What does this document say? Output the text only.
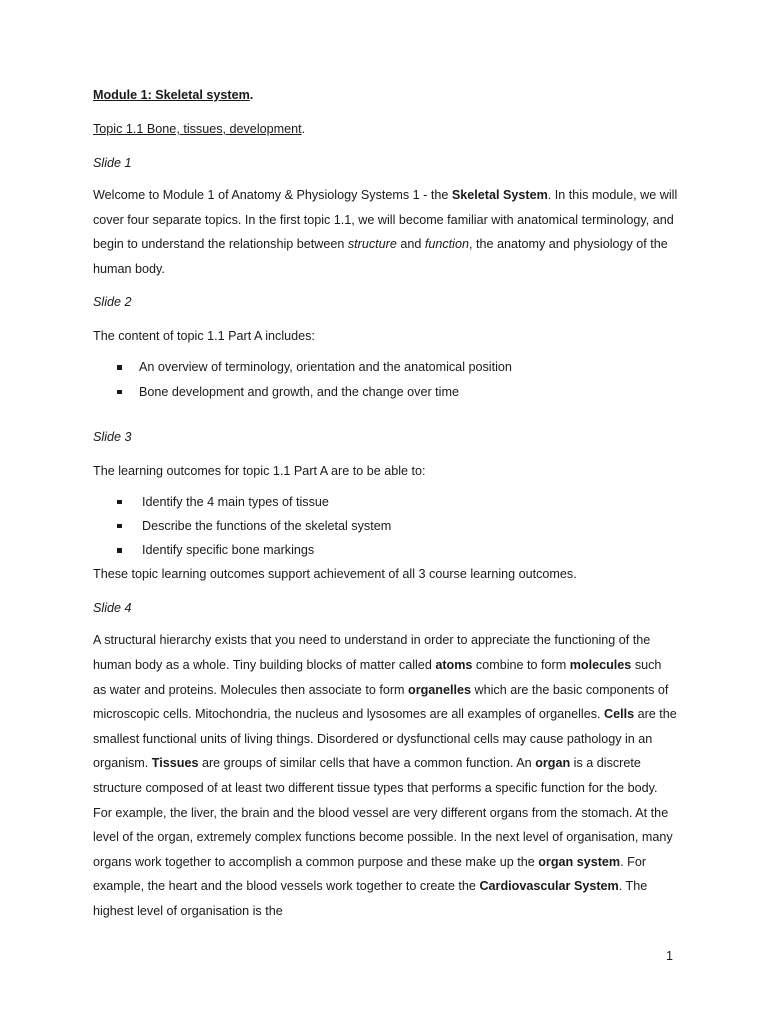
Module 1: Skeletal system.

Topic 1.1 Bone, tissues, development.

Slide 1

Welcome to Module 1 of Anatomy & Physiology Systems 1 - the Skeletal System. In this module, we will cover four separate topics. In the first topic 1.1, we will become familiar with anatomical terminology, and begin to understand the relationship between structure and function, the anatomy and physiology of the human body.

Slide 2

The content of topic 1.1 Part A includes:

An overview of terminology, orientation and the anatomical position
Bone development and growth, and the change over time

Slide 3

The learning outcomes for topic 1.1 Part A are to be able to:

Identify the 4 main types of tissue
Describe the functions of the skeletal system
Identify specific bone markings

These topic learning outcomes support achievement of all 3 course learning outcomes.

Slide 4

A structural hierarchy exists that you need to understand in order to appreciate the functioning of the human body as a whole. Tiny building blocks of matter called atoms combine to form molecules such as water and proteins. Molecules then associate to form organelles which are the basic components of microscopic cells. Mitochondria, the nucleus and lysosomes are all examples of organelles. Cells are the smallest functional units of living things. Disordered or dysfunctional cells may cause pathology in an organism. Tissues are groups of similar cells that have a common function. An organ is a discrete structure composed of at least two different tissue types that performs a specific function for the body. For example, the liver, the brain and the blood vessel are very different organs from the stomach. At the level of the organ, extremely complex functions become possible. In the next level of organisation, many organs work together to accomplish a common purpose and these make up the organ system. For example, the heart and the blood vessels work together to create the Cardiovascular System. The highest level of organisation is the

1
